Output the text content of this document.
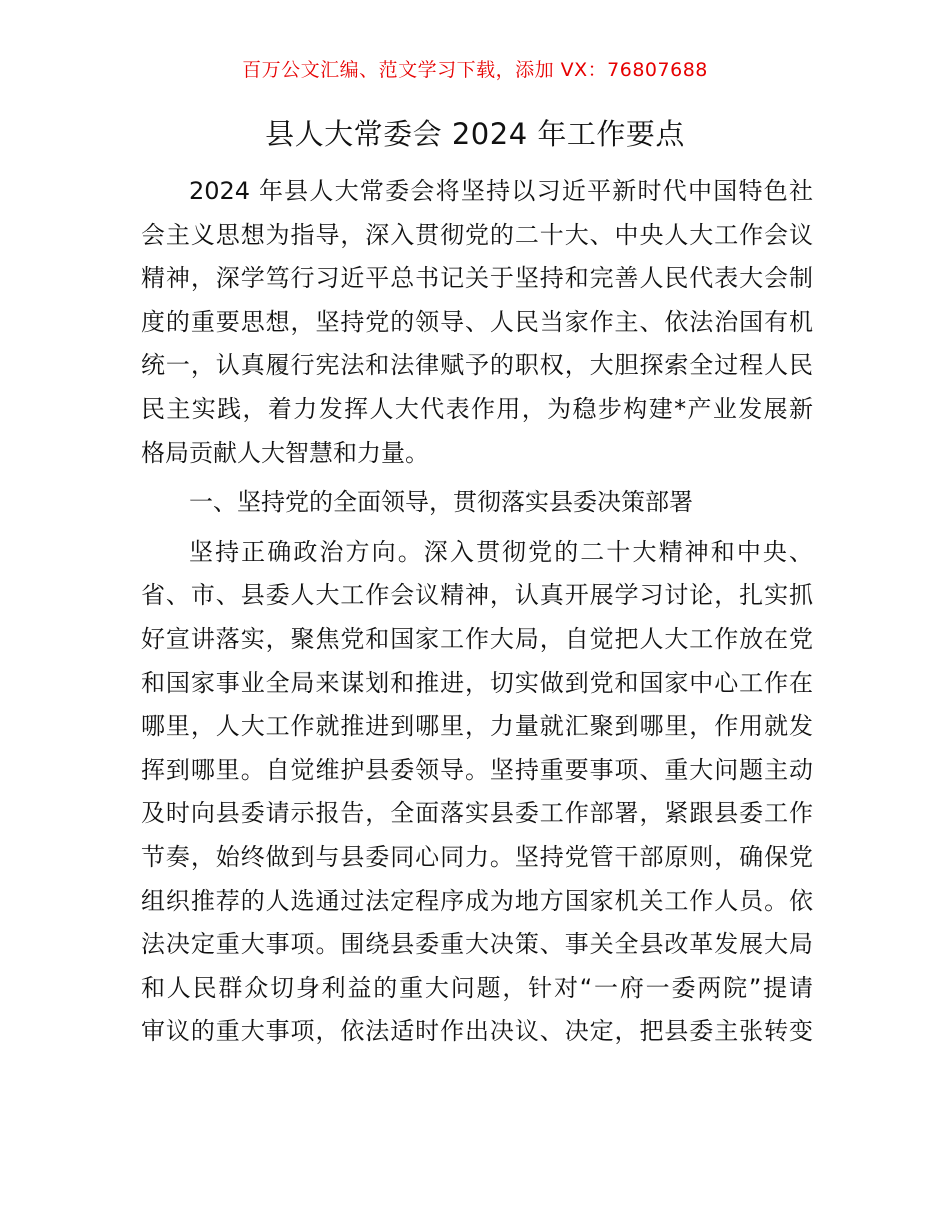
百万公文汇编、范文学习下载，添加 VX：76807688
县人大常委会 2024 年工作要点
2024 年县人大常委会将坚持以习近平新时代中国特色社
会主义思想为指导，深入贯彻党的二十大、中央人大工作会议
精神，深学笃行习近平总书记关于坚持和完善人民代表大会制
度的重要思想，坚持党的领导、人民当家作主、依法治国有机
统一，认真履行宪法和法律赋予的职权，大胆探索全过程人民
民主实践，着力发挥人大代表作用，为稳步构建*产业发展新
格局贡献人大智慧和力量。
一、坚持党的全面领导，贯彻落实县委决策部署
坚持正确政治方向。深入贯彻党的二十大精神和中央、
省、市、县委人大工作会议精神，认真开展学习讨论，扎实抓
好宣讲落实，聚焦党和国家工作大局，自觉把人大工作放在党
和国家事业全局来谋划和推进，切实做到党和国家中心工作在
哪里，人大工作就推进到哪里，力量就汇聚到哪里，作用就发
挥到哪里。自觉维护县委领导。坚持重要事项、重大问题主动
及时向县委请示报告，全面落实县委工作部署，紧跟县委工作
节奏，始终做到与县委同心同力。坚持党管干部原则，确保党
组织推荐的人选通过法定程序成为地方国家机关工作人员。依
法决定重大事项。围绕县委重大决策、事关全县改革发展大局
和人民群众切身利益的重大问题，针对“一府一委两院”提请
审议的重大事项，依法适时作出决议、决定，把县委主张转变
